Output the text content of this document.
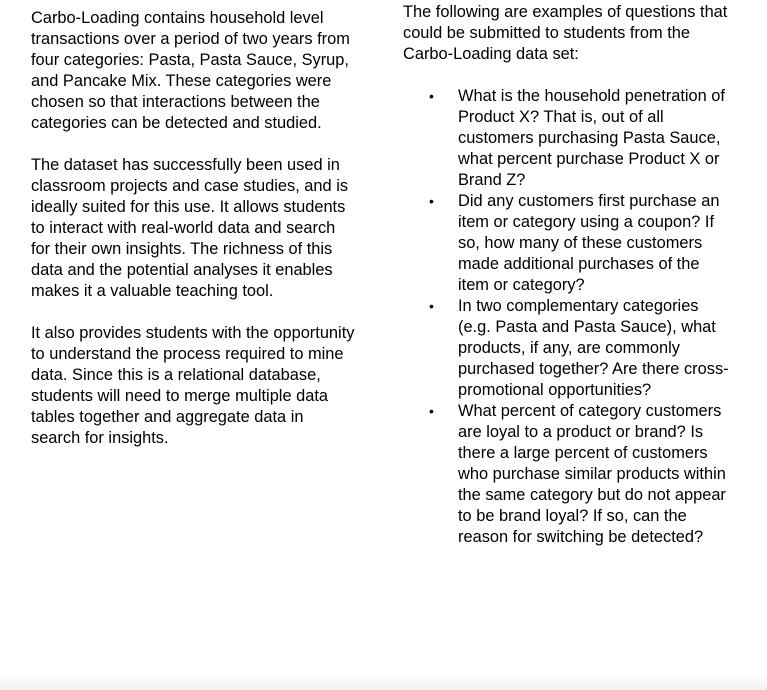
Carbo-Loading contains household level transactions over a period of two years from four categories: Pasta, Pasta Sauce, Syrup, and Pancake Mix. These categories were chosen so that interactions between the categories can be detected and studied.

The dataset has successfully been used in classroom projects and case studies, and is ideally suited for this use. It allows students to interact with real-world data and search for their own insights. The richness of this data and the potential analyses it enables makes it a valuable teaching tool.

It also provides students with the opportunity to understand the process required to mine data. Since this is a relational database, students will need to merge multiple data tables together and aggregate data in search for insights.

The following are examples of questions that could be submitted to students from the Carbo-Loading data set:

• What is the household penetration of Product X? That is, out of all customers purchasing Pasta Sauce, what percent purchase Product X or Brand Z?
• Did any customers first purchase an item or category using a coupon? If so, how many of these customers made additional purchases of the item or category?
• In two complementary categories (e.g. Pasta and Pasta Sauce), what products, if any, are commonly purchased together? Are there cross-promotional opportunities?
• What percent of category customers are loyal to a product or brand? Is there a large percent of customers who purchase similar products within the same category but do not appear to be brand loyal? If so, can the reason for switching be detected?
